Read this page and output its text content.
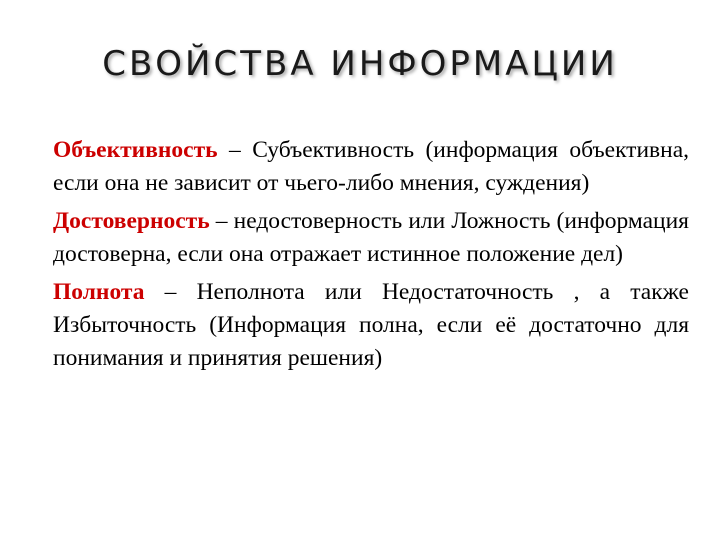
СВОЙСТВА ИНФОРМАЦИИ

Объективность – Субъективность (информация объективна, если она не зависит от чьего-либо мнения, суждения)

Достоверность – недостоверность или Ложность (информация достоверна, если она отражает истинное положение дел)

Полнота – Неполнота или Недостаточность , а также Избыточность (Информация полна, если её достаточно для понимания и принятия решения)
